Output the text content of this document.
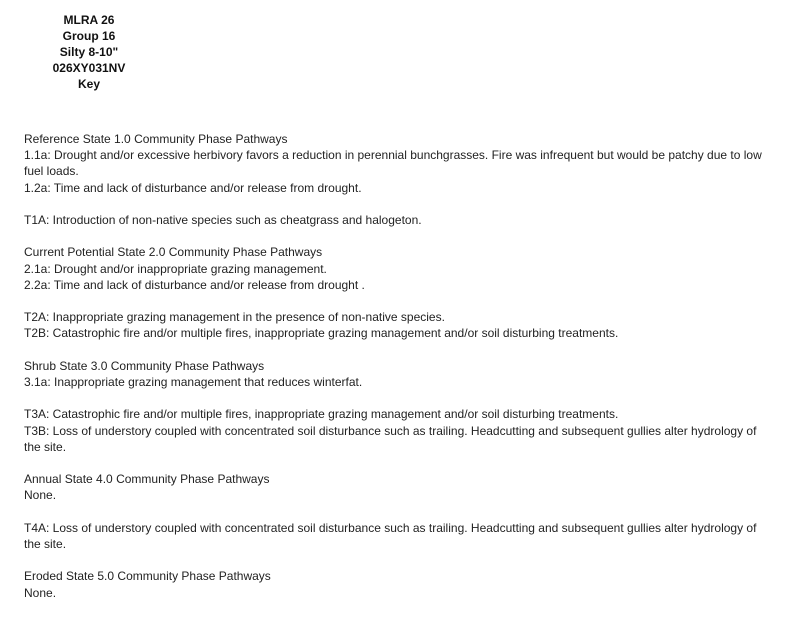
MLRA 26
Group 16
Silty 8-10"
026XY031NV
Key
Reference State 1.0 Community Phase Pathways
1.1a: Drought and/or excessive herbivory favors a reduction in perennial bunchgrasses. Fire was infrequent but would be patchy due to low fuel loads.
1.2a: Time and lack of disturbance and/or release from drought.
T1A: Introduction of non-native species such as cheatgrass and halogeton.
Current Potential State 2.0 Community Phase Pathways
2.1a: Drought and/or inappropriate grazing management.
2.2a: Time and lack of disturbance and/or release from drought .
T2A: Inappropriate grazing management in the presence of non-native species.
T2B: Catastrophic fire and/or multiple fires, inappropriate grazing management and/or soil disturbing treatments.
Shrub State 3.0 Community Phase Pathways
3.1a: Inappropriate grazing management that reduces winterfat.
T3A: Catastrophic fire and/or multiple fires, inappropriate grazing management and/or soil disturbing treatments.
T3B: Loss of understory coupled with concentrated soil disturbance such as trailing. Headcutting and subsequent gullies alter hydrology of the site.
Annual State 4.0 Community Phase Pathways
None.
T4A: Loss of understory coupled with concentrated soil disturbance such as trailing. Headcutting and subsequent gullies alter hydrology of the site.
Eroded State 5.0 Community Phase Pathways
None.
